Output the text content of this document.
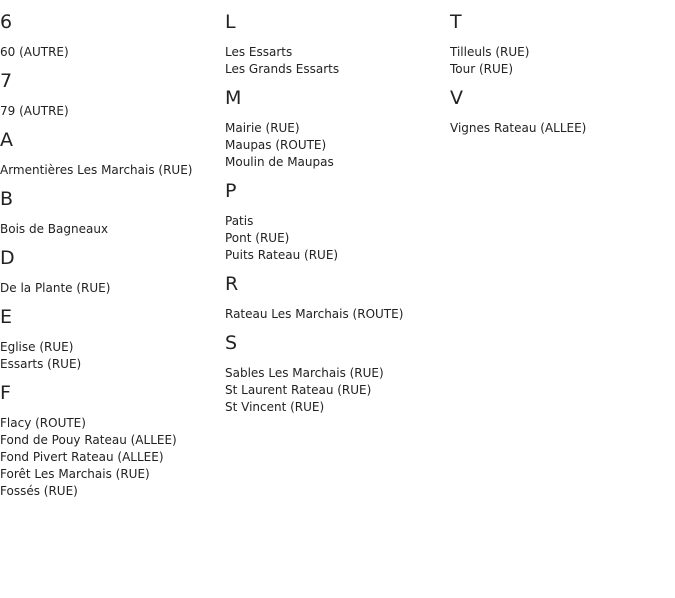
6
60 (AUTRE)
7
79 (AUTRE)
A
Armentières Les Marchais (RUE)
B
Bois de Bagneaux
D
De la Plante (RUE)
E
Eglise (RUE)
Essarts (RUE)
F
Flacy (ROUTE)
Fond de Pouy Rateau (ALLEE)
Fond Pivert Rateau (ALLEE)
Forêt Les Marchais (RUE)
Fossés (RUE)
L
Les Essarts
Les Grands Essarts
M
Mairie (RUE)
Maupas (ROUTE)
Moulin de Maupas
P
Patis
Pont (RUE)
Puits Rateau (RUE)
R
Rateau Les Marchais (ROUTE)
S
Sables Les Marchais (RUE)
St Laurent Rateau (RUE)
St Vincent (RUE)
T
Tilleuls (RUE)
Tour (RUE)
V
Vignes Rateau (ALLEE)
